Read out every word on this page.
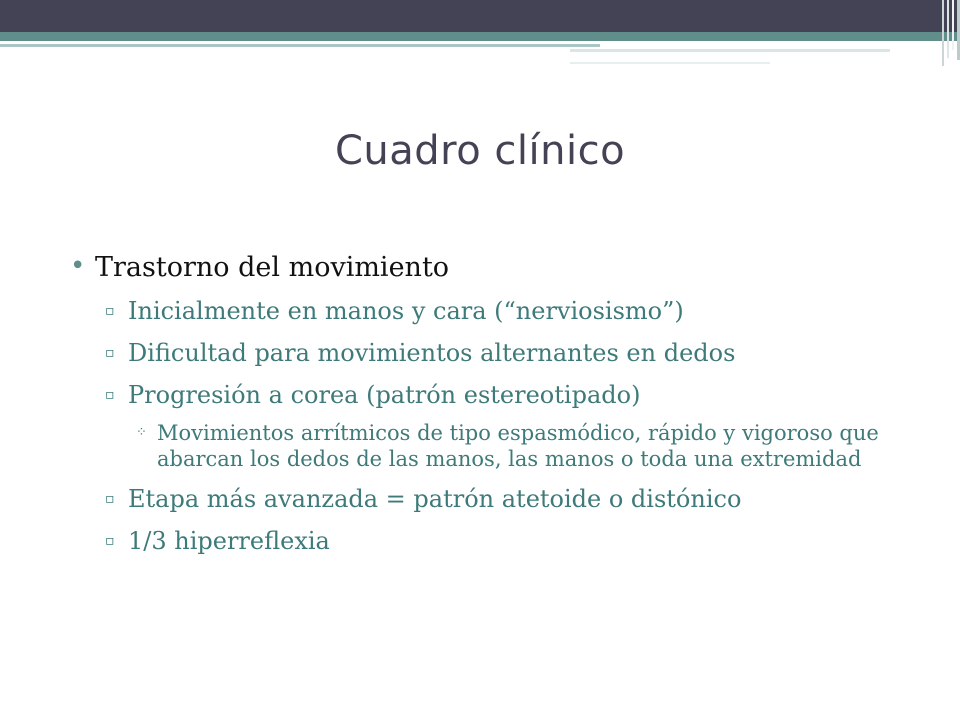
Cuadro clínico
• Trastorno del movimiento
▫ Inicialmente en manos y cara (“nerviosismo”)
▫ Dificultad para movimientos alternantes en dedos
▫ Progresión a corea (patrón estereotipado)
⁘ Movimientos arrítmicos de tipo espasmódico, rápido y vigoroso que abarcan los dedos de las manos, las manos o toda una extremidad
▫ Etapa más avanzada = patrón atetoide o distónico
▫ 1/3 hiperreflexia
